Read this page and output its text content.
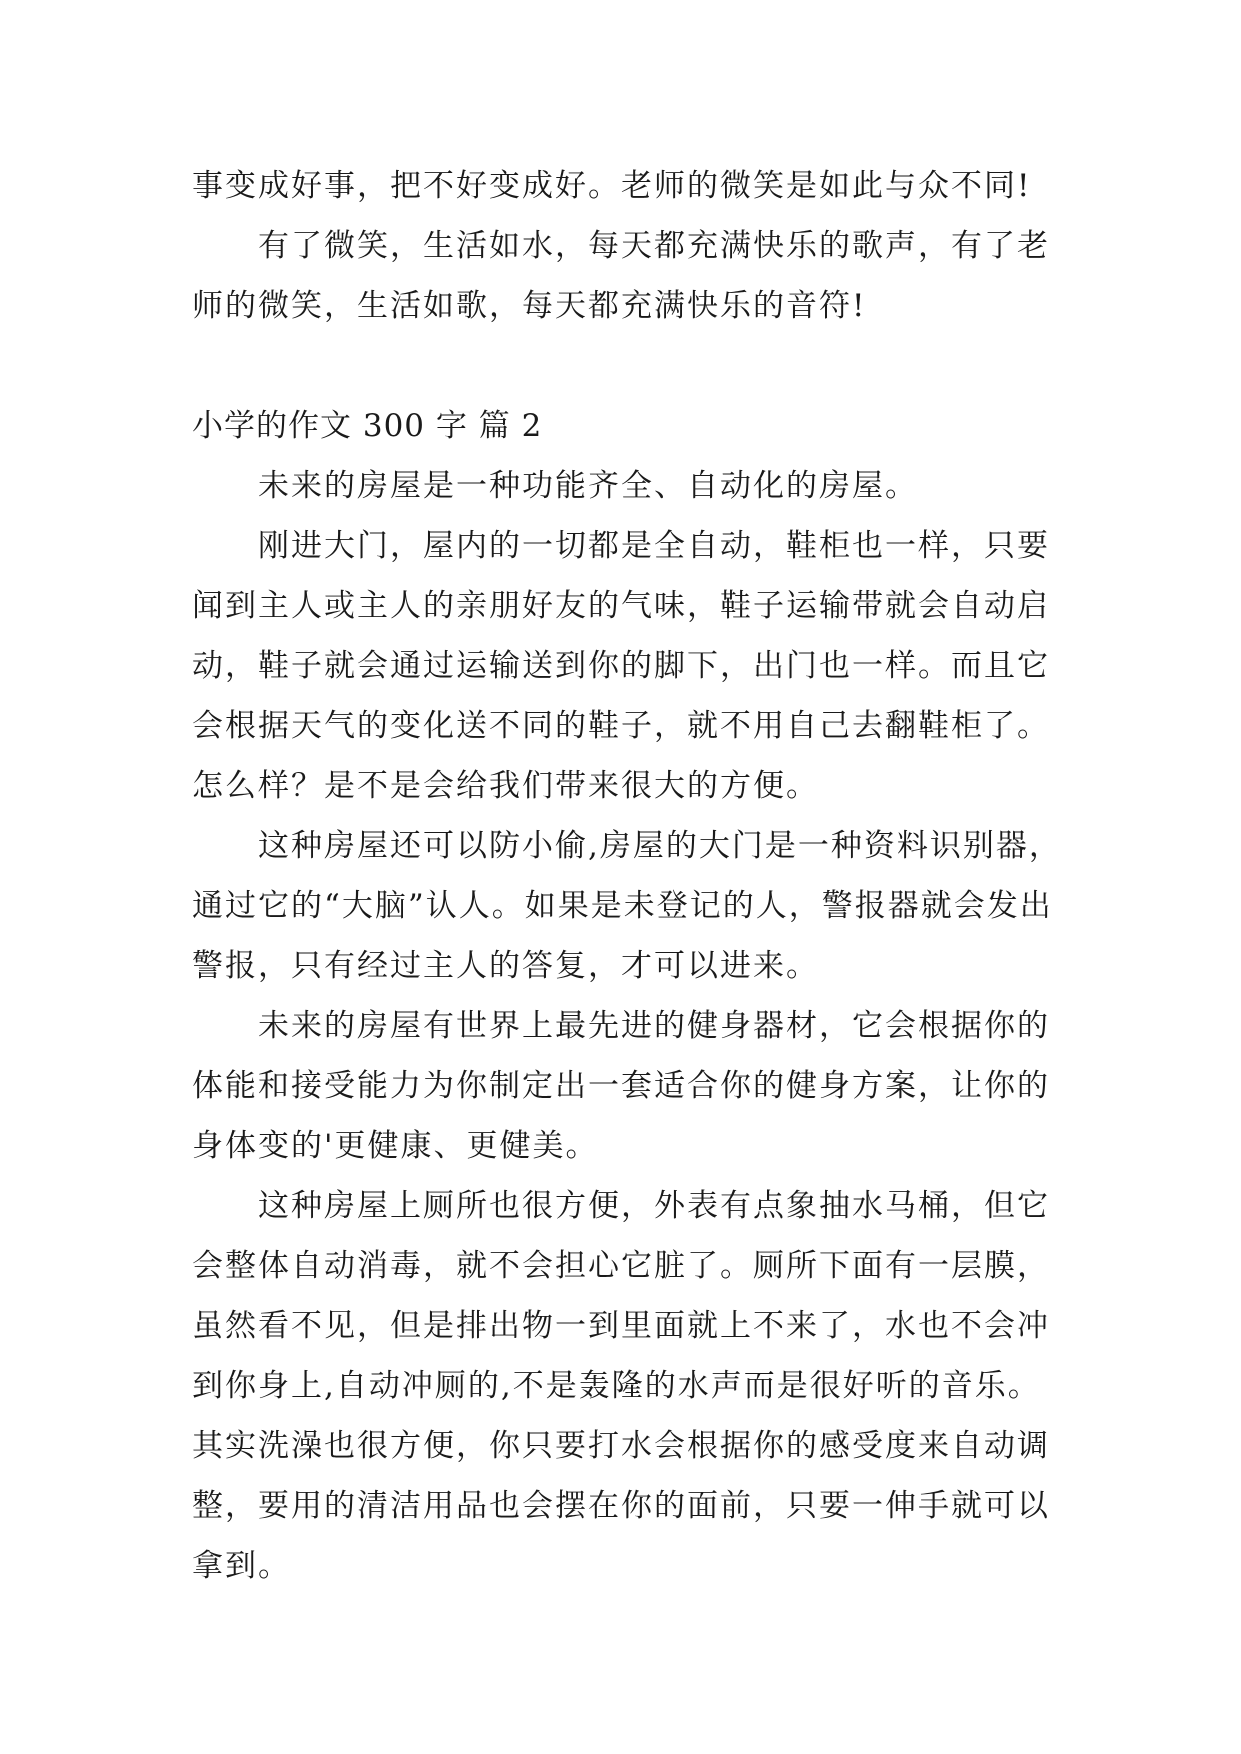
事变成好事，把不好变成好。老师的微笑是如此与众不同!

有了微笑，生活如水，每天都充满快乐的歌声，有了老师的微笑，生活如歌，每天都充满快乐的音符!

小学的作文 300 字 篇 2

未来的房屋是一种功能齐全、自动化的房屋。

刚进大门，屋内的一切都是全自动，鞋柜也一样，只要闻到主人或主人的亲朋好友的气味，鞋子运输带就会自动启动，鞋子就会通过运输送到你的脚下，出门也一样。而且它会根据天气的变化送不同的鞋子，就不用自己去翻鞋柜了。怎么样？是不是会给我们带来很大的方便。

这种房屋还可以防小偷,房屋的大门是一种资料识别器，通过它的“大脑”认人。如果是未登记的人，警报器就会发出警报，只有经过主人的答复，才可以进来。

未来的房屋有世界上最先进的健身器材，它会根据你的体能和接受能力为你制定出一套适合你的健身方案，让你的身体变的'更健康、更健美。

这种房屋上厕所也很方便，外表有点象抽水马桶，但它会整体自动消毒，就不会担心它脏了。厕所下面有一层膜，虽然看不见，但是排出物一到里面就上不来了，水也不会冲到你身上,自动冲厕的,不是轰隆的水声而是很好听的音乐。其实洗澡也很方便，你只要打水会根据你的感受度来自动调整，要用的清洁用品也会摆在你的面前，只要一伸手就可以拿到。
